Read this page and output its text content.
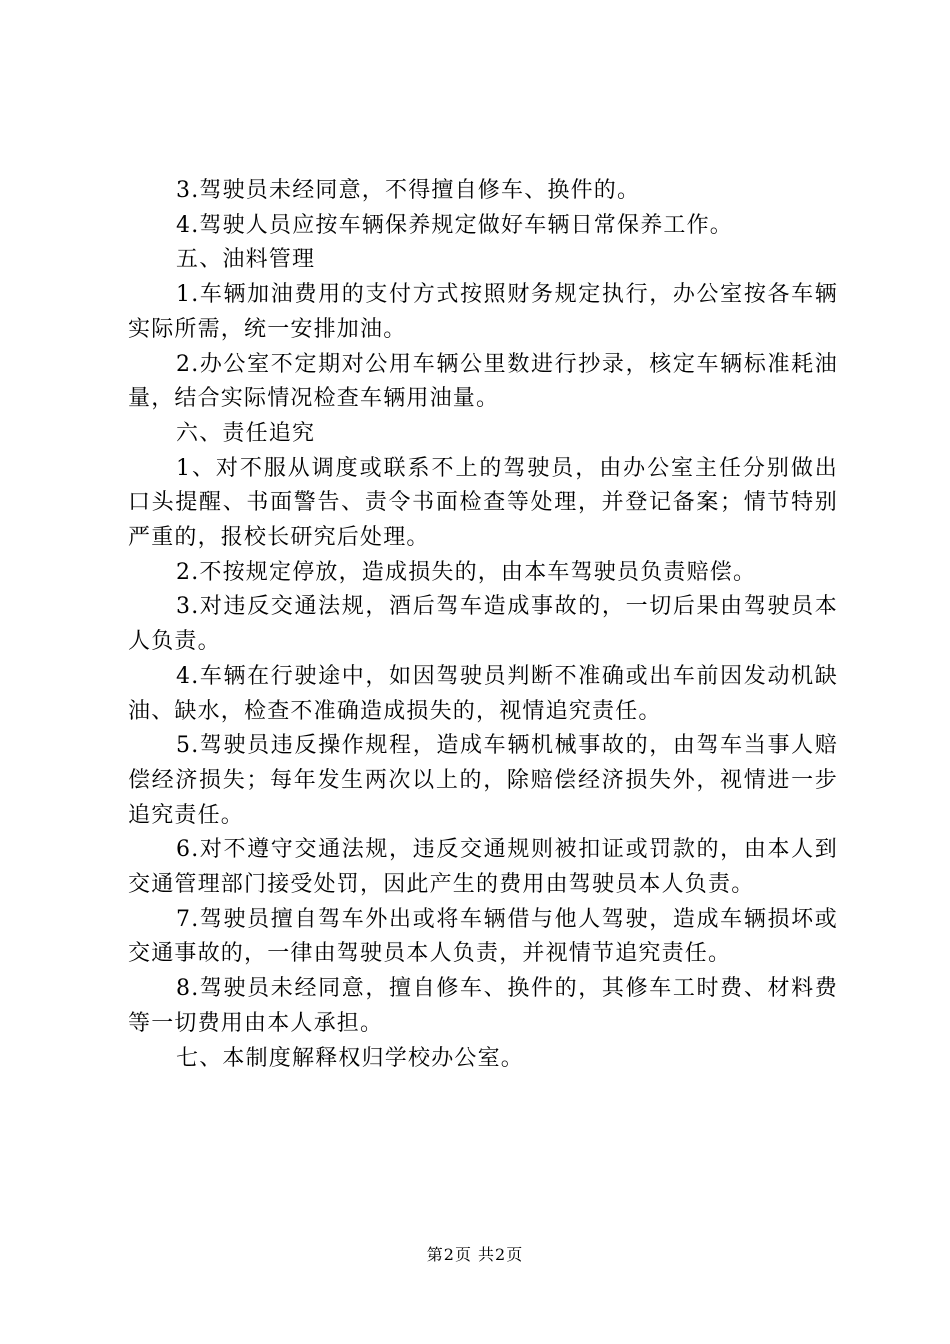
3.驾驶员未经同意，不得擅自修车、换件的。

4.驾驶人员应按车辆保养规定做好车辆日常保养工作。

五、油料管理

1.车辆加油费用的支付方式按照财务规定执行，办公室按各车辆实际所需，统一安排加油。

2.办公室不定期对公用车辆公里数进行抄录，核定车辆标准耗油量，结合实际情况检查车辆用油量。

六、责任追究

1、对不服从调度或联系不上的驾驶员，由办公室主任分别做出口头提醒、书面警告、责令书面检查等处理，并登记备案；情节特别严重的，报校长研究后处理。

2.不按规定停放，造成损失的，由本车驾驶员负责赔偿。

3.对违反交通法规，酒后驾车造成事故的，一切后果由驾驶员本人负责。

4.车辆在行驶途中，如因驾驶员判断不准确或出车前因发动机缺油、缺水，检查不准确造成损失的，视情追究责任。

5.驾驶员违反操作规程，造成车辆机械事故的，由驾车当事人赔偿经济损失；每年发生两次以上的，除赔偿经济损失外，视情进一步追究责任。

6.对不遵守交通法规，违反交通规则被扣证或罚款的，由本人到交通管理部门接受处罚，因此产生的费用由驾驶员本人负责。

7.驾驶员擅自驾车外出或将车辆借与他人驾驶，造成车辆损坏或交通事故的，一律由驾驶员本人负责，并视情节追究责任。

8.驾驶员未经同意，擅自修车、换件的，其修车工时费、材料费等一切费用由本人承担。

七、本制度解释权归学校办公室。

第2页 共2页
